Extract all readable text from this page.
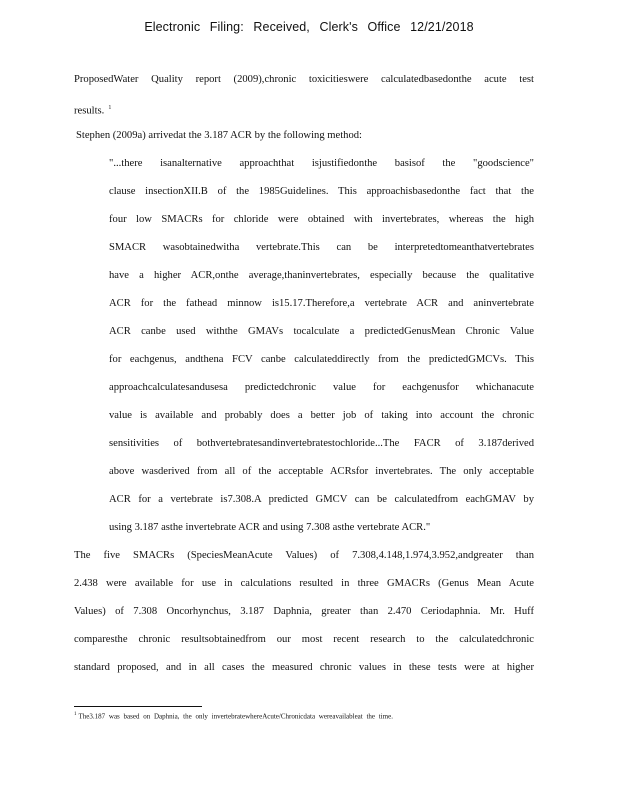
Electronic Filing: Received, Clerk's Office 12/21/2018
ProposedWater Quality report (2009),chronic toxicitieswere calculatedbasedonthe acute test
results. $^1$
Stephen (2009a) arrivedat the 3.187 ACR by the following method:
"...there isanalternative approachthat isjustifiedonthe basisof the "goodscience"
clause insectionXII.B of the 1985Guidelines. This approachisbasedonthe fact that the
four low SMACRs for chloride were obtained with invertebrates, whereas the high
SMACR wasobtainedwitha vertebrate.This can be interpretedtomeanthatvertebrates
have a higher ACR,onthe average,thaninvertebrates, especially because the qualitative
ACR for the fathead minnow is15.17.Therefore,a vertebrate ACR and aninvertebrate
ACR canbe used withthe GMAVs tocalculate a predictedGenusMean Chronic Value
for eachgenus, andthena FCV canbe calculateddirectly from the predictedGMCVs. This
approachcalculatesandusesa predictedchronic value for eachgenusfor whichanacute
value is available and probably does a better job of taking into account the chronic
sensitivities of bothvertebratesandinvertebratestochloride...The FACR of 3.187derived
above wasderived from all of the acceptable ACRsfor invertebrates. The only acceptable
ACR for a vertebrate is7.308.A predicted GMCV can be calculatedfrom eachGMAV by
using 3.187 asthe invertebrate ACR and using 7.308 asthe vertebrate ACR."
The five SMACRs (SpeciesMeanAcute Values) of 7.308,4.148,1.974,3.952,andgreater than
2.438 were available for use in calculations resulted in three GMACRs (Genus Mean Acute
Values) of 7.308 Oncorhynchus, 3.187 Daphnia, greater than 2.470 Ceriodaphnia. Mr. Huff
comparesthe chronic resultsobtainedfrom our most recent research to the calculatedchronic
standard proposed, and in all cases the measured chronic values in these tests were at higher
$^1$ The3.187 was based on Daphnia, the only invertebratewhereAcute/Chronicdata wereavailableat the time.
